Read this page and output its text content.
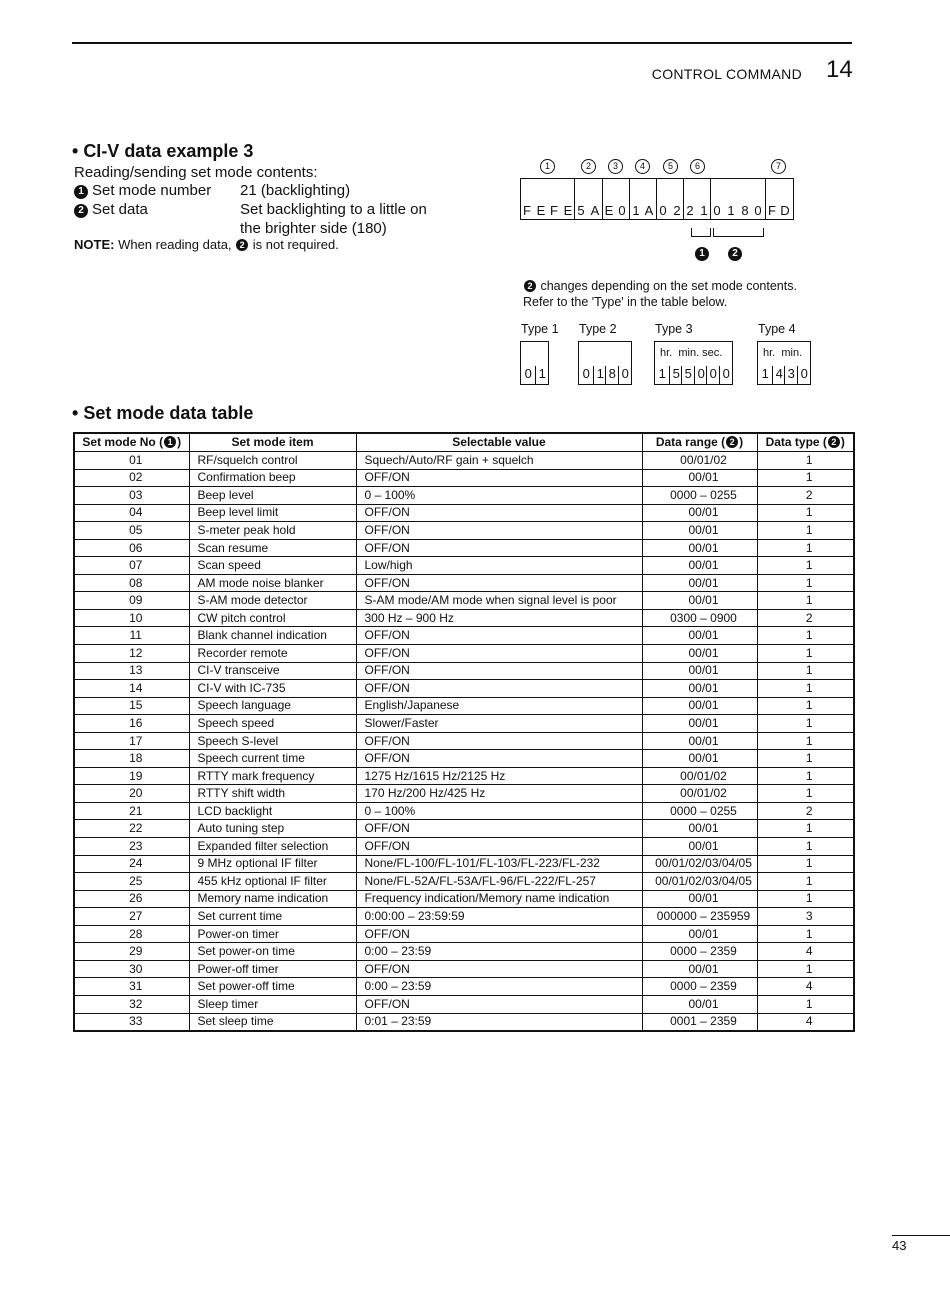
CONTROL COMMAND 14
• CI-V data example 3
Reading/sending set mode contents:
1 Set mode number 21 (backlighting)
2 Set data	Set backlighting to a little on
the brighter side (180)
NOTE: When reading data, 2 is not required.
F E F E 5 A E 0 1 A 0 2 2 1 0 1 8 0 F D
1	2	3	4	5	6	7
1	2
2 changes depending on the set mode contents.
Refer to the 'Type' in the table below.
Type 1
0 1
Type 2
0 1 8 0
Type 3
hr.  min. sec.
1 5 5 0 0 0
Type 4
hr.  min.
1 4 3 0
• Set mode data table
Set mode No ( 1 )	Set mode item	Selectable value	Data range ( 2 )	Data type ( 2 )
01	RF/squelch control	Squech/Auto/RF gain + squelch	00/01/02	1
02	Confirmation beep	OFF/ON	00/01	1
03	Beep level	0 – 100%	0000 – 0255	2
04	Beep level limit	OFF/ON	00/01	1
05	S-meter peak hold	OFF/ON	00/01	1
06	Scan resume	OFF/ON	00/01	1
07	Scan speed	Low/high	00/01	1
08	AM mode noise blanker	OFF/ON	00/01	1
09	S-AM mode detector	S-AM mode/AM mode when signal level is poor	00/01	1
10	CW pitch control	300 Hz – 900 Hz	0300 – 0900	2
11	Blank channel indication	OFF/ON	00/01	1
12	Recorder remote	OFF/ON	00/01	1
13	CI-V transceive	OFF/ON	00/01	1
14	CI-V with IC-735	OFF/ON	00/01	1
15	Speech language	English/Japanese	00/01	1
16	Speech speed	Slower/Faster	00/01	1
17	Speech S-level	OFF/ON	00/01	1
18	Speech current time	OFF/ON	00/01	1
19	RTTY mark frequency	1275 Hz/1615 Hz/2125 Hz	00/01/02	1
20	RTTY shift width	170 Hz/200 Hz/425 Hz	00/01/02	1
21	LCD backlight	0 – 100%	0000 – 0255	2
22	Auto tuning step	OFF/ON	00/01	1
23	Expanded filter selection	OFF/ON	00/01	1
24	9 MHz optional IF filter	None/FL-100/FL-101/FL-103/FL-223/FL-232	00/01/02/03/04/05	1
25	455 kHz optional IF filter	None/FL-52A/FL-53A/FL-96/FL-222/FL-257	00/01/02/03/04/05	1
26	Memory name indication	Frequency indication/Memory name indication	00/01	1
27	Set current time	0:00:00 – 23:59:59	000000 – 235959	3
28	Power-on timer	OFF/ON	00/01	1
29	Set power-on time	0:00 – 23:59	0000 – 2359	4
30	Power-off timer	OFF/ON	00/01	1
31	Set power-off time	0:00 – 23:59	0000 – 2359	4
32	Sleep timer	OFF/ON	00/01	1
33	Set sleep time	0:01 – 23:59	0001 – 2359	4
43
